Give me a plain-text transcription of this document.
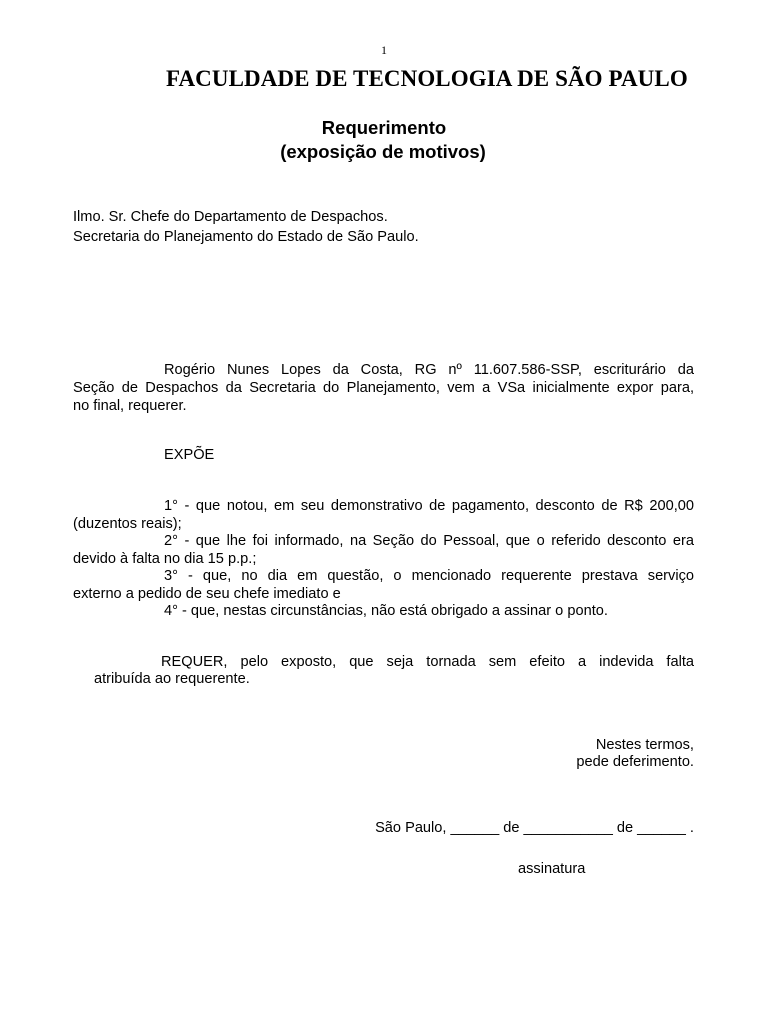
1

FACULDADE DE TECNOLOGIA DE SÃO PAULO
Requerimento
(exposição de motivos)

Ilmo. Sr. Chefe do Departamento de Despachos.

Secretaria do Planejamento do Estado de São Paulo.

Rogério Nunes Lopes da Costa, RG nº 11.607.586-SSP, escriturário da

Seção de Despachos da Secretaria do Planejamento, vem a VSa inicialmente expor para,

no final, requerer.

EXPÕE

1° - que notou, em seu demonstrativo de pagamento, desconto de R$ 200,00

(duzentos reais);

2° - que lhe foi informado, na Seção do Pessoal, que o referido desconto era

devido à falta no dia 15 p.p.;

3° - que, no dia em questão, o mencionado requerente prestava serviço

externo a pedido de seu chefe imediato e

4° - que, nestas circunstâncias, não está obrigado a assinar o ponto.

REQUER, pelo exposto, que seja tornada sem efeito a indevida falta

atribuída ao requerente.

Nestes termos,

pede deferimento.

São Paulo, ______ de ___________ de ______ .

assinatura
